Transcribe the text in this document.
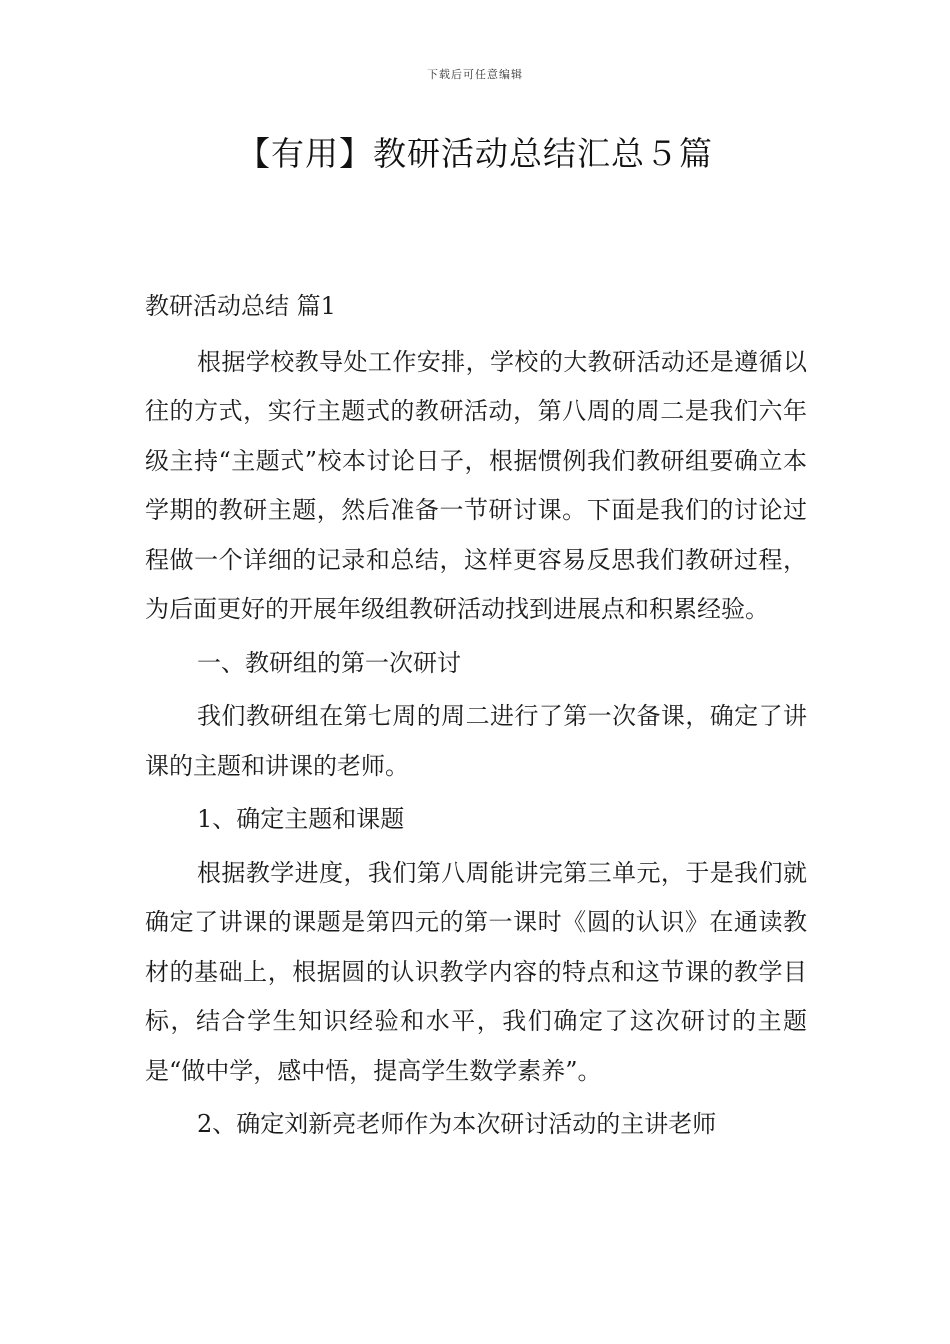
下载后可任意编辑
【有用】教研活动总结汇总５篇

教研活动总结 篇1

根据学校教导处工作安排，学校的大教研活动还是遵循以往的方式，实行主题式的教研活动，第八周的周二是我们六年级主持“主题式”校本讨论日子，根据惯例我们教研组要确立本学期的教研主题，然后准备一节研讨课。下面是我们的讨论过程做一个详细的记录和总结，这样更容易反思我们教研过程，为后面更好的开展年级组教研活动找到进展点和积累经验。

一、教研组的第一次研讨

我们教研组在第七周的周二进行了第一次备课，确定了讲课的主题和讲课的老师。

1、确定主题和课题

根据教学进度，我们第八周能讲完第三单元，于是我们就确定了讲课的课题是第四元的第一课时《圆的认识》在通读教材的基础上，根据圆的认识教学内容的特点和这节课的教学目标，结合学生知识经验和水平，我们确定了这次研讨的主题是“做中学，感中悟，提高学生数学素养”。

2、确定刘新亮老师作为本次研讨活动的主讲老师
